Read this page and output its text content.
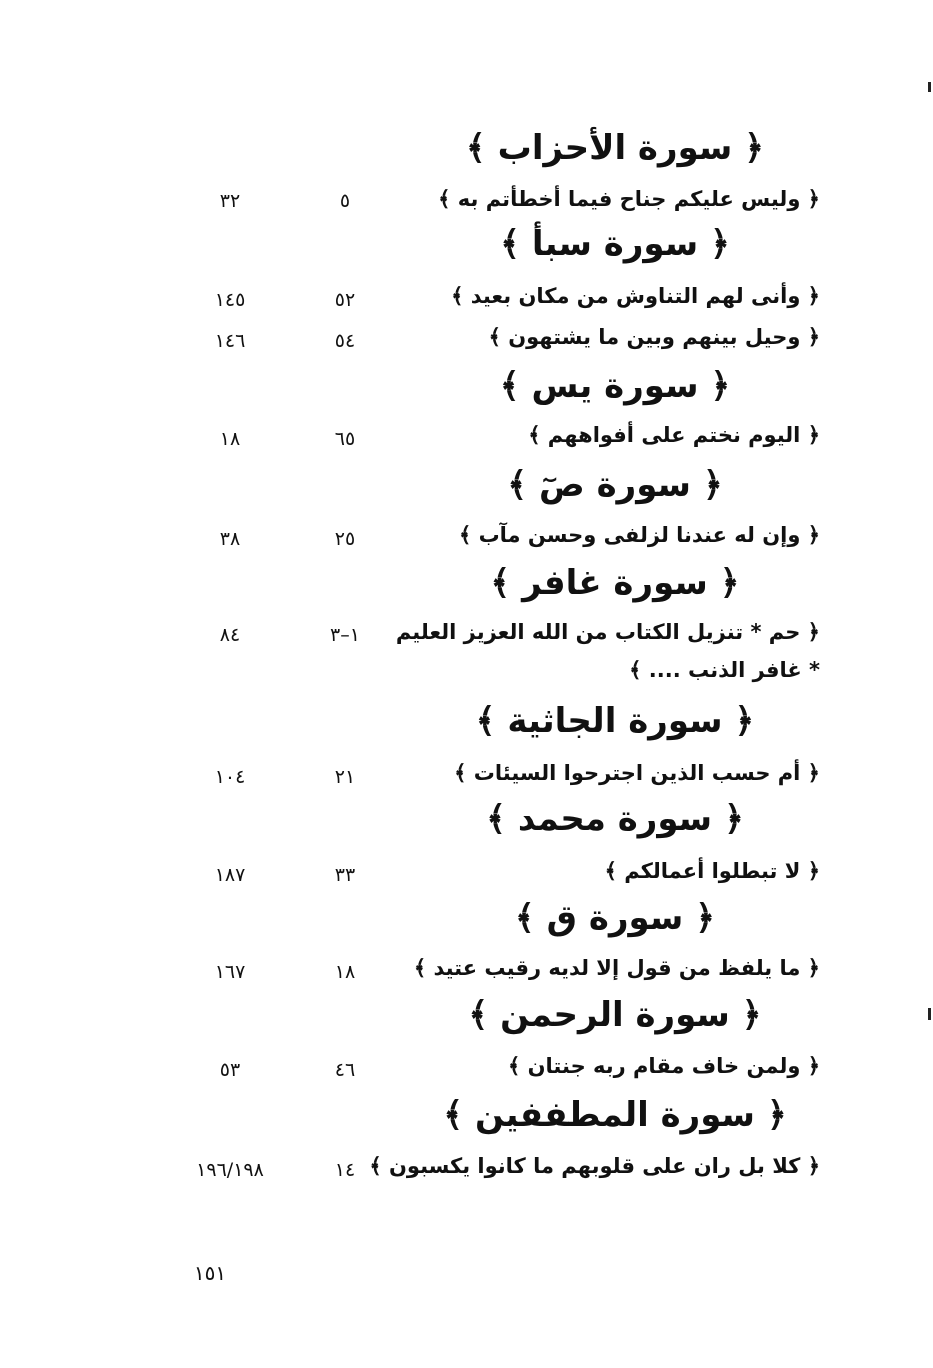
﴿ سورة الأحزاب ﴾
﴿ وليس عليكم جناح فيما أخطأتم به ﴾
٥
٣٢
﴿ سورة سبأ ﴾
﴿ وأنى لهم التناوش من مكان بعيد ﴾
٥٢
١٤٥
﴿ وحيل بينهم وبين ما يشتهون ﴾
٥٤
١٤٦
﴿ سورة يس ﴾
﴿ اليوم نختم على أفواههم ﴾
٦٥
١٨
﴿ سورة صٓ ﴾
﴿ وإن له عندنا لزلفى وحسن مآب ﴾
٢٥
٣٨
﴿ سورة غافر ﴾
﴿ حم * تنزيل الكتاب من الله العزيز العليم
١–٣
٨٤
* غافر الذنب .... ﴾
﴿ سورة الجاثية ﴾
﴿ أم حسب الذين اجترحوا السيئات ﴾
٢١
١٠٤
﴿ سورة محمد ﴾
﴿ لا تبطلوا أعمالكم ﴾
٣٣
١٨٧
﴿ سورة ق ﴾
﴿ ما يلفظ من قول إلا لديه رقيب عتيد ﴾
١٨
١٦٧
﴿ سورة الرحمن ﴾
﴿ ولمن خاف مقام ربه جنتان ﴾
٤٦
٥٣
﴿ سورة المطففين ﴾
﴿ كلا بل ران على قلوبهم ما كانوا يكسبون ﴾
١٤
١٩٦/١٩٨
١٥١
